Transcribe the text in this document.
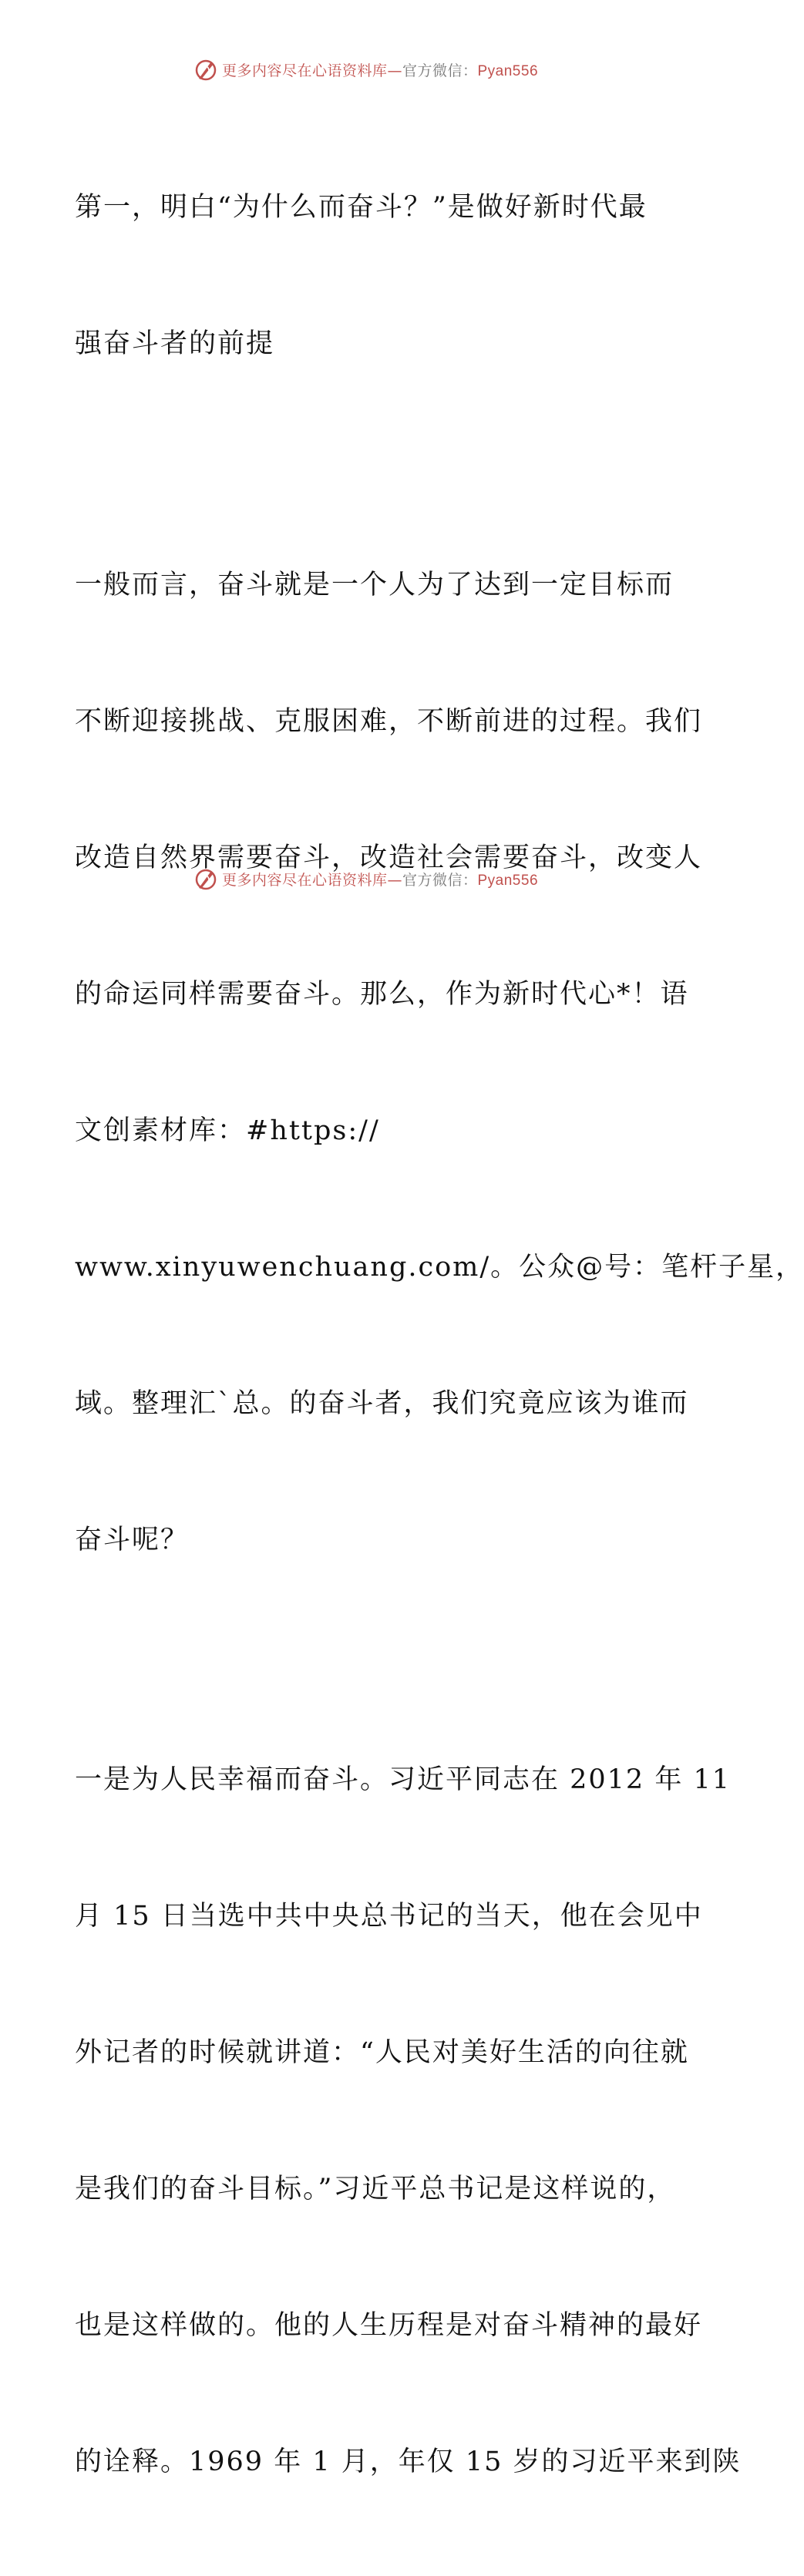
更多内容尽在心语资料库—官方微信：Pyan556

第一，明白“为什么而奋斗？”是做好新时代最

强奋斗者的前提

一般而言，奋斗就是一个人为了达到一定目标而

不断迎接挑战、克服困难，不断前进的过程。我们

改造自然界需要奋斗，改造社会需要奋斗，改变人

的命运同样需要奋斗。那么，作为新时代心*！语

文创素材库：#https://

www.xinyuwenchuang.com/。公众@号：笔杆子星，

域。整理汇`总。的奋斗者，我们究竟应该为谁而

奋斗呢？

一是为人民幸福而奋斗。习近平同志在 2012 年 11

月 15 日当选中共中央总书记的当天，他在会见中

外记者的时候就讲道：“人民对美好生活的向往就

是我们的奋斗目标。”习近平总书记是这样说的，

也是这样做的。他的人生历程是对奋斗精神的最好

的诠释。1969 年 1 月，年仅 15 岁的习近平来到陕

更多内容尽在心语资料库—官方微信：Pyan556
